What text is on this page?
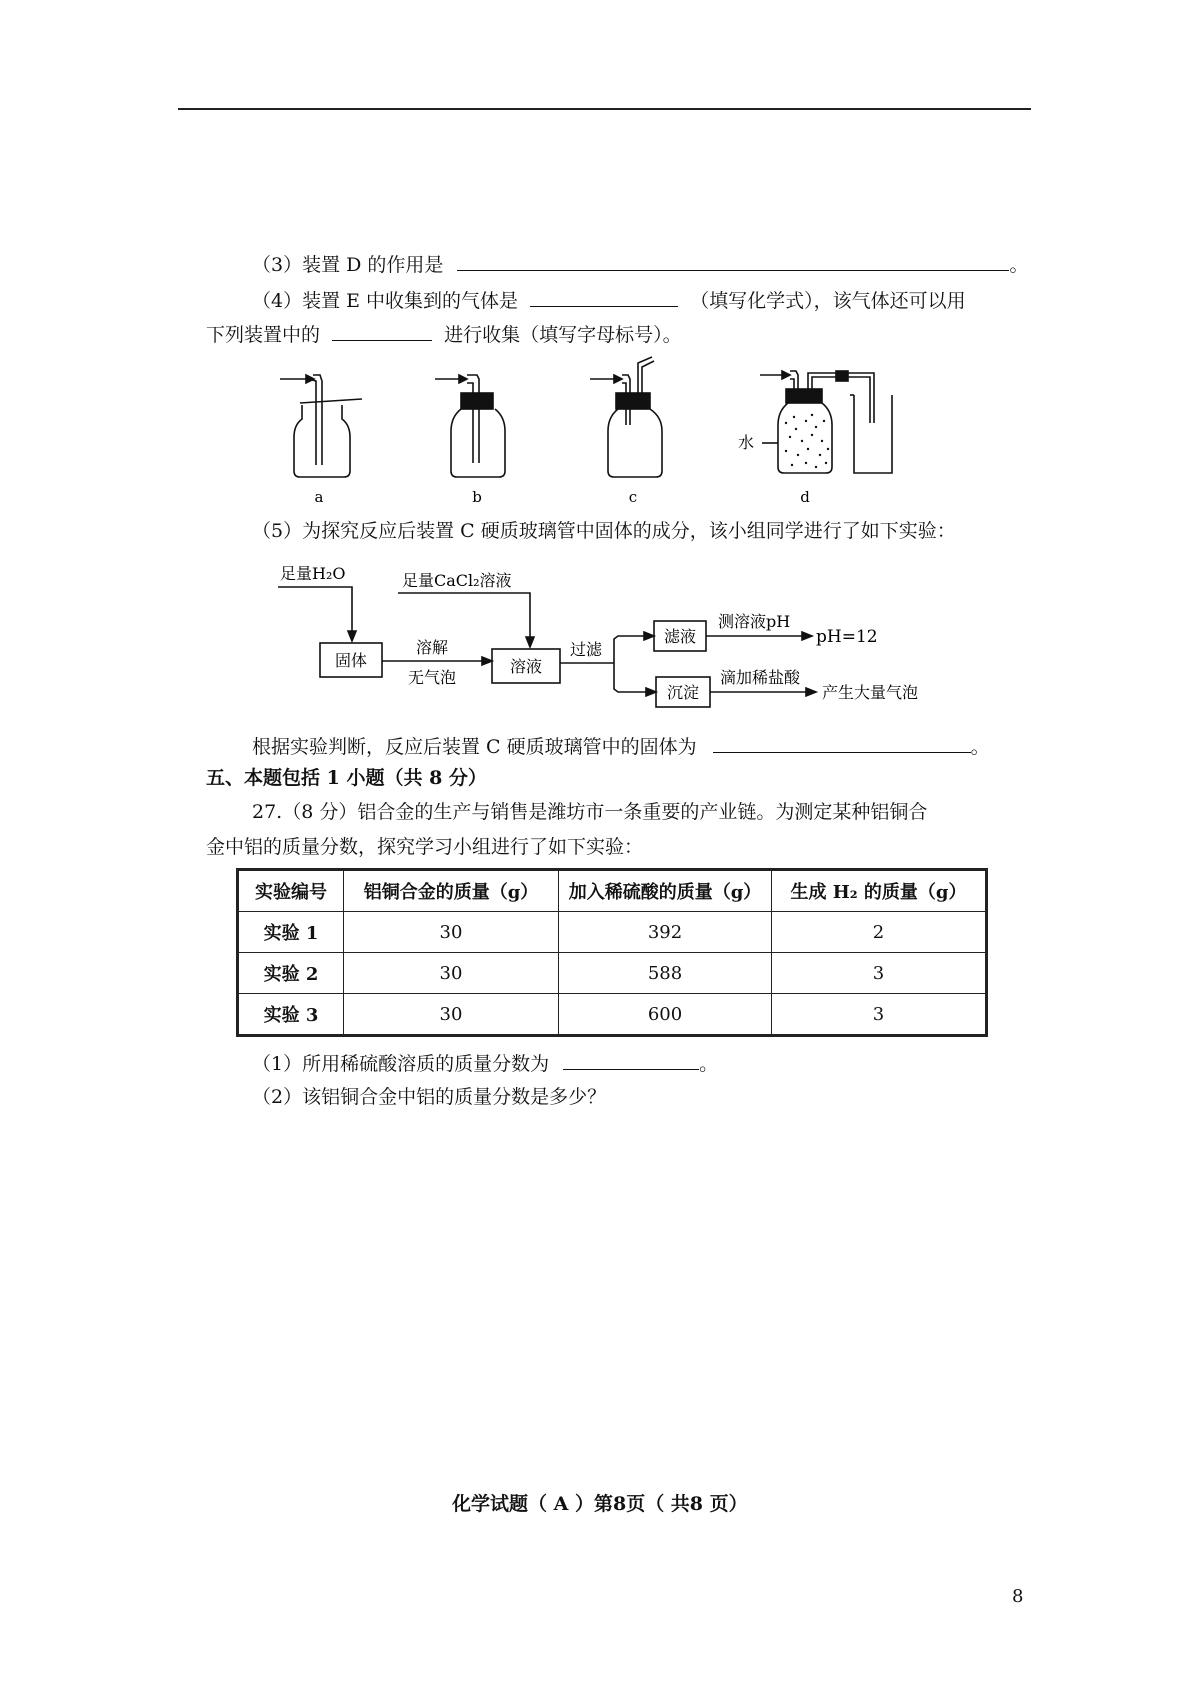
（3）装置 D 的作用是	。
（4）装置 E 中收集到的气体是	（填写化学式），该气体还可以用
下列装置中的	进行收集（填写字母标号）。
a	b	c	d
水
（5）为探究反应后装置 C 硬质玻璃管中固体的成分，该小组同学进行了如下实验：
足量H₂O	足量CaCl₂溶液
固体
溶解
无气泡
溶液
过滤
滤液
测溶液pH
pH=12
沉淀
滴加稀盐酸
产生大量气泡
根据实验判断，反应后装置 C 硬质玻璃管中的固体为	。
五、本题包括 1 小题（共 8 分）
27.（8 分）铝合金的生产与销售是潍坊市一条重要的产业链。为测定某种铝铜合
金中铝的质量分数，探究学习小组进行了如下实验：
实验编号	铝铜合金的质量（g）	加入稀硫酸的质量（g）	生成 H₂ 的质量（g）
实验 1	30	392	2
实验 2	30	588	3
实验 3	30	600	3
（1）所用稀硫酸溶质的质量分数为	。
（2）该铝铜合金中铝的质量分数是多少？
化学试题（ A ）第8页（ 共8 页）
8
